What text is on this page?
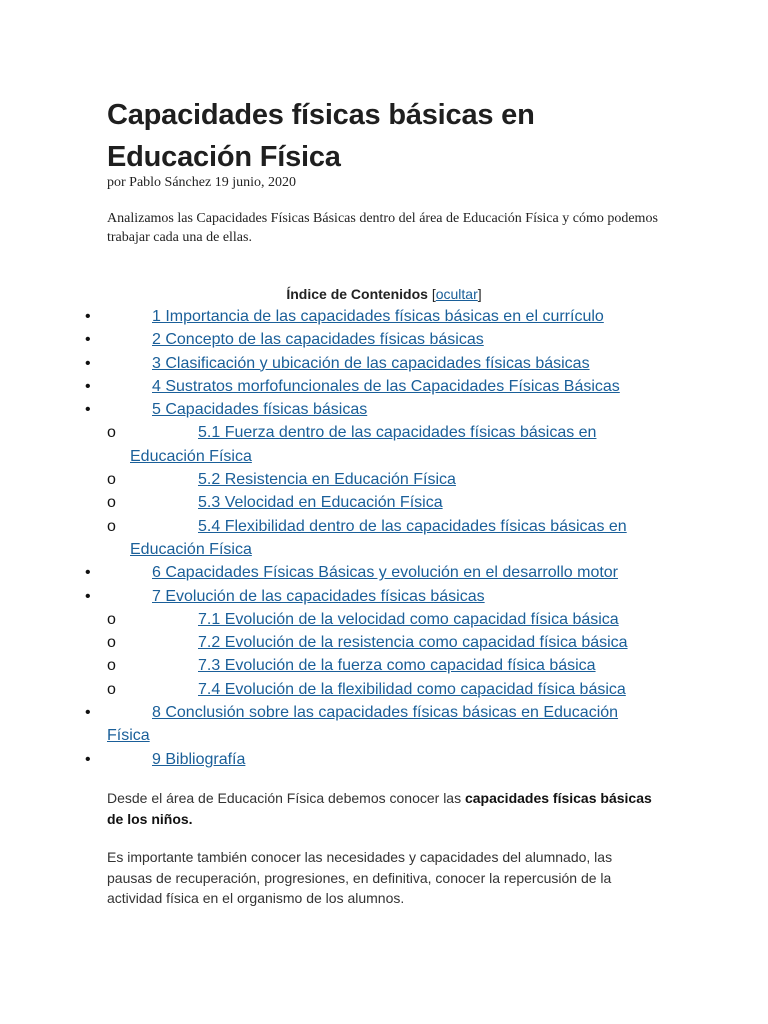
Capacidades físicas básicas en Educación Física
por Pablo Sánchez 19 junio, 2020

Analizamos las Capacidades Físicas Básicas dentro del área de Educación Física y cómo podemos trabajar cada una de ellas.

Índice de Contenidos [ocultar]
•	1 Importancia de las capacidades físicas básicas en el currículo
•	2 Concepto de las capacidades físicas básicas
•	3 Clasificación y ubicación de las capacidades físicas básicas
•	4 Sustratos morfofuncionales de las Capacidades Físicas Básicas
•	5 Capacidades físicas básicas
o	5.1 Fuerza dentro de las capacidades físicas básicas en Educación Física
o	5.2 Resistencia en Educación Física
o	5.3 Velocidad en Educación Física
o	5.4 Flexibilidad dentro de las capacidades físicas básicas en Educación Física
•	6 Capacidades Físicas Básicas y evolución en el desarrollo motor
•	7 Evolución de las capacidades físicas básicas
o	7.1 Evolución de la velocidad como capacidad física básica
o	7.2 Evolución de la resistencia como capacidad física básica
o	7.3 Evolución de la fuerza como capacidad física básica
o	7.4 Evolución de la flexibilidad como capacidad física básica
•	8 Conclusión sobre las capacidades físicas básicas en Educación Física
•	9 Bibliografía

Desde el área de Educación Física debemos conocer las capacidades físicas básicas de los niños.

Es importante también conocer las necesidades y capacidades del alumnado, las pausas de recuperación, progresiones, en definitiva, conocer la repercusión de la actividad física en el organismo de los alumnos.
